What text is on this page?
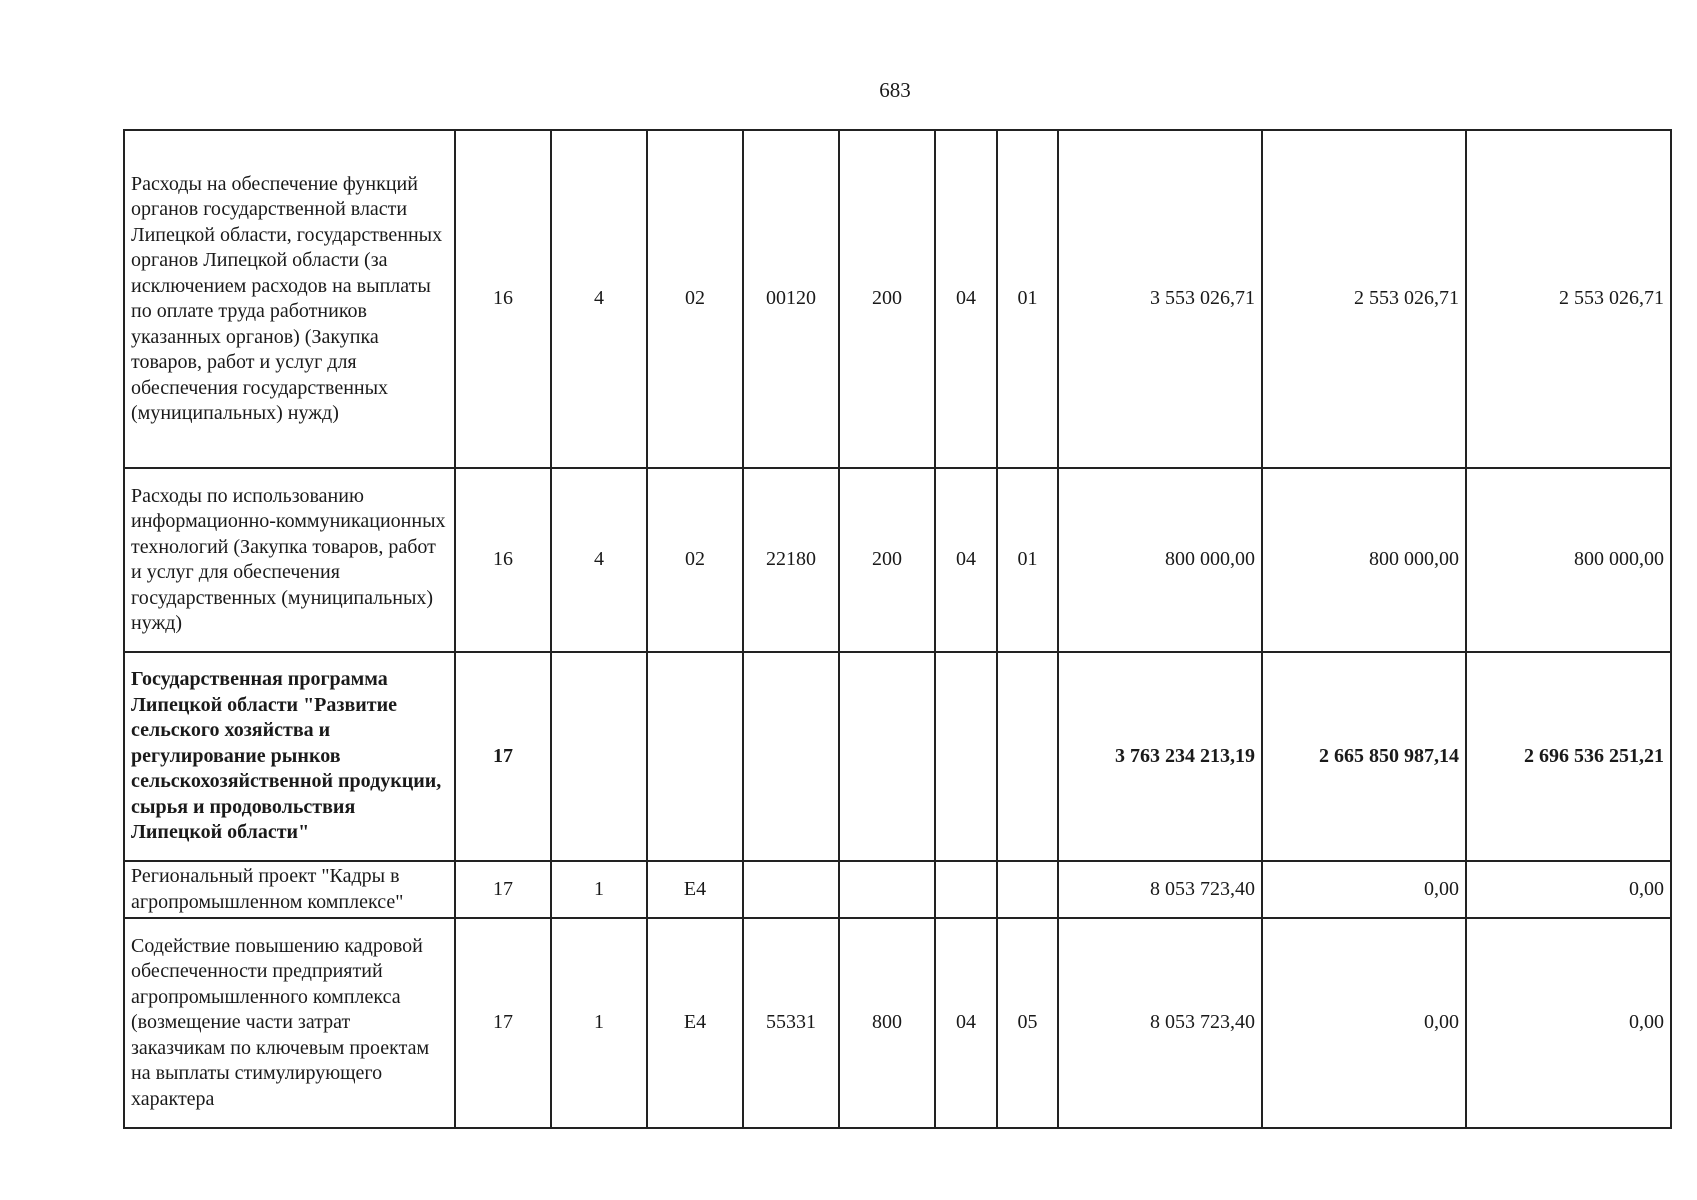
683
Расходы на обеспечение функций органов государственной власти Липецкой области, государственных органов Липецкой области (за исключением расходов на выплаты по оплате труда работников указанных органов) (Закупка товаров, работ и услуг для обеспечения государственных (муниципальных) нужд)	16	4	02	00120	200	04	01	3 553 026,71	2 553 026,71	2 553 026,71
Расходы по использованию информационно-коммуникационных технологий (Закупка товаров, работ и услуг для обеспечения государственных (муниципальных) нужд)	16	4	02	22180	200	04	01	800 000,00	800 000,00	800 000,00
Государственная программа Липецкой области "Развитие сельского хозяйства и регулирование рынков сельскохозяйственной продукции, сырья и продовольствия Липецкой области"	17							3 763 234 213,19	2 665 850 987,14	2 696 536 251,21
Региональный проект "Кадры в агропромышленном комплексе"	17	1	E4					8 053 723,40	0,00	0,00
Содействие повышению кадровой обеспеченности предприятий агропромышленного комплекса (возмещение части затрат заказчикам по ключевым проектам на выплаты стимулирующего характера	17	1	E4	55331	800	04	05	8 053 723,40	0,00	0,00
